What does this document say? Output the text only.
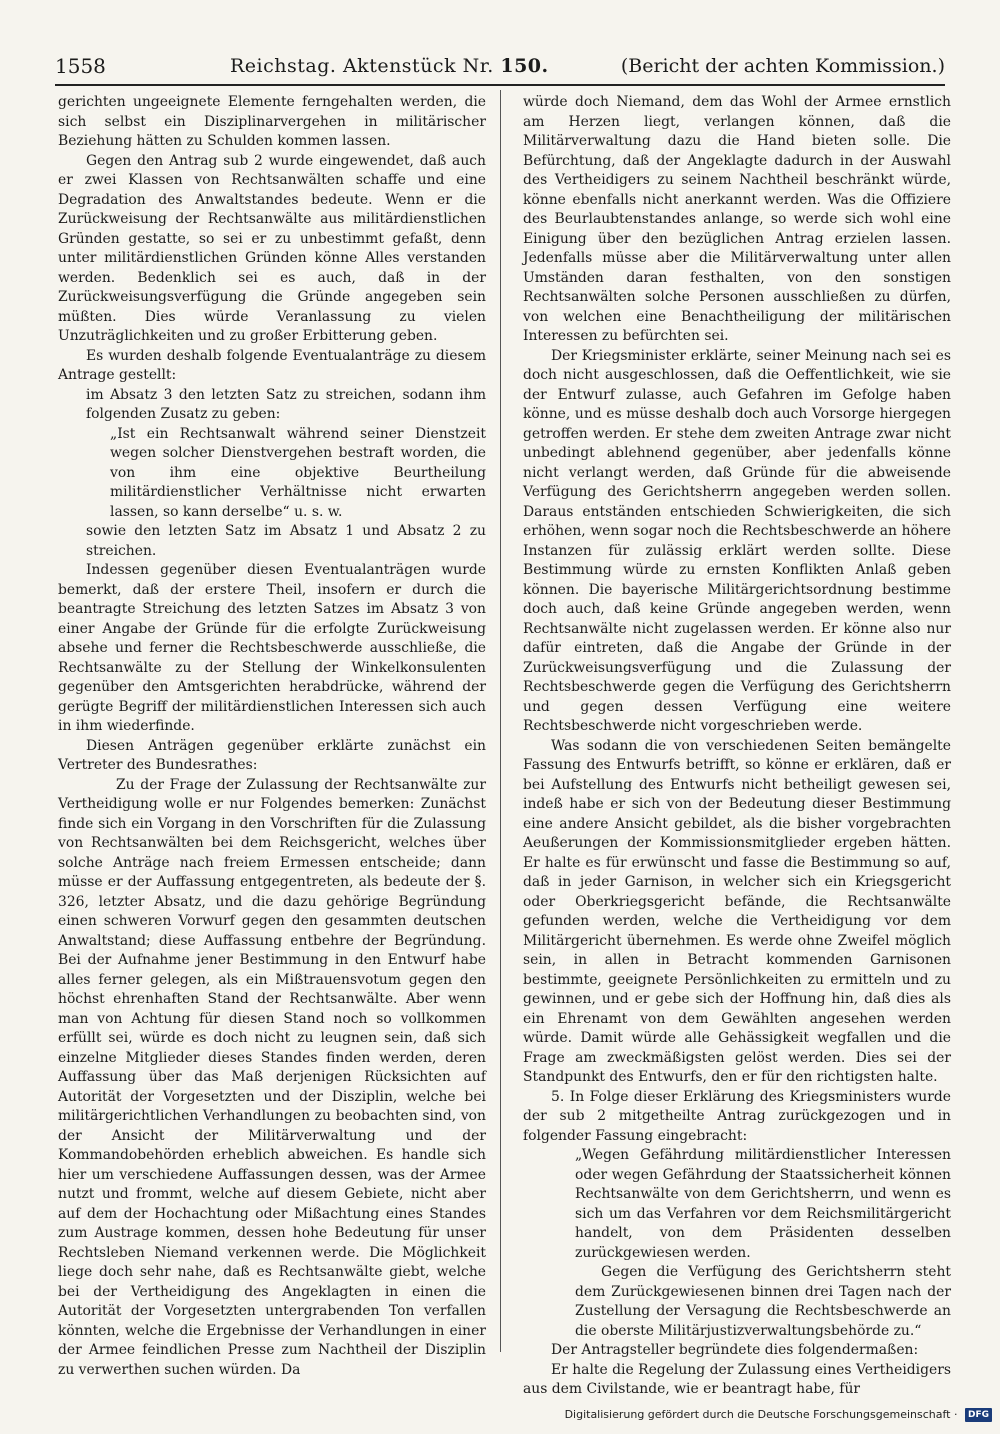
1558	Reichstag. Aktenstück Nr. 150.	(Bericht der achten Kommission.)

gerichten ungeeignete Elemente ferngehalten werden, die sich selbst ein Disziplinarvergehen in militärischer Beziehung hätten zu Schulden kommen lassen.

Gegen den Antrag sub 2 wurde eingewendet, daß auch er zwei Klassen von Rechtsanwälten schaffe und eine Degradation des Anwaltstandes bedeute. Wenn er die Zurückweisung der Rechtsanwälte aus militärdienstlichen Gründen gestatte, so sei er zu unbestimmt gefaßt, denn unter militärdienstlichen Gründen könne Alles verstanden werden. Bedenklich sei es auch, daß in der Zurückweisungsverfügung die Gründe angegeben sein müßten. Dies würde Veranlassung zu vielen Unzuträglichkeiten und zu großer Erbitterung geben.

Es wurden deshalb folgende Eventualanträge zu diesem Antrage gestellt:

im Absatz 3 den letzten Satz zu streichen, sodann ihm folgenden Zusatz zu geben:

„Ist ein Rechtsanwalt während seiner Dienstzeit wegen solcher Dienstvergehen bestraft worden, die von ihm eine objektive Beurtheilung militärdienstlicher Verhältnisse nicht erwarten lassen, so kann derselbe“ u. s. w.

sowie den letzten Satz im Absatz 1 und Absatz 2 zu streichen.

Indessen gegenüber diesen Eventualanträgen wurde bemerkt, daß der erstere Theil, insofern er durch die beantragte Streichung des letzten Satzes im Absatz 3 von einer Angabe der Gründe für die erfolgte Zurückweisung absehe und ferner die Rechtsbeschwerde ausschließe, die Rechtsanwälte zu der Stellung der Winkelkonsulenten gegenüber den Amtsgerichten herabdrücke, während der gerügte Begriff der militärdienstlichen Interessen sich auch in ihm wiederfinde.

Diesen Anträgen gegenüber erklärte zunächst ein Vertreter des Bundesrathes:

Zu der Frage der Zulassung der Rechtsanwälte zur Vertheidigung wolle er nur Folgendes bemerken: Zunächst finde sich ein Vorgang in den Vorschriften für die Zulassung von Rechtsanwälten bei dem Reichsgericht, welches über solche Anträge nach freiem Ermessen entscheide; dann müsse er der Auffassung entgegentreten, als bedeute der §. 326, letzter Absatz, und die dazu gehörige Begründung einen schweren Vorwurf gegen den gesammten deutschen Anwaltstand; diese Auffassung entbehre der Begründung. Bei der Aufnahme jener Bestimmung in den Entwurf habe alles ferner gelegen, als ein Mißtrauensvotum gegen den höchst ehrenhaften Stand der Rechtsanwälte. Aber wenn man von Achtung für diesen Stand noch so vollkommen erfüllt sei, würde es doch nicht zu leugnen sein, daß sich einzelne Mitglieder dieses Standes finden werden, deren Auffassung über das Maß derjenigen Rücksichten auf Autorität der Vorgesetzten und der Disziplin, welche bei militärgerichtlichen Verhandlungen zu beobachten sind, von der Ansicht der Militärverwaltung und der Kommandobehörden erheblich abweichen. Es handle sich hier um verschiedene Auffassungen dessen, was der Armee nutzt und frommt, welche auf diesem Gebiete, nicht aber auf dem der Hochachtung oder Mißachtung eines Standes zum Austrage kommen, dessen hohe Bedeutung für unser Rechtsleben Niemand verkennen werde. Die Möglichkeit liege doch sehr nahe, daß es Rechtsanwälte giebt, welche bei der Vertheidigung des Angeklagten in einen die Autorität der Vorgesetzten untergrabenden Ton verfallen könnten, welche die Ergebnisse der Verhandlungen in einer der Armee feindlichen Presse zum Nachtheil der Disziplin zu verwerthen suchen würden. Da

würde doch Niemand, dem das Wohl der Armee ernstlich am Herzen liegt, verlangen können, daß die Militärverwaltung dazu die Hand bieten solle. Die Befürchtung, daß der Angeklagte dadurch in der Auswahl des Vertheidigers zu seinem Nachtheil beschränkt würde, könne ebenfalls nicht anerkannt werden. Was die Offiziere des Beurlaubtenstandes anlange, so werde sich wohl eine Einigung über den bezüglichen Antrag erzielen lassen. Jedenfalls müsse aber die Militärverwaltung unter allen Umständen daran festhalten, von den sonstigen Rechtsanwälten solche Personen ausschließen zu dürfen, von welchen eine Benachtheiligung der militärischen Interessen zu befürchten sei.

Der Kriegsminister erklärte, seiner Meinung nach sei es doch nicht ausgeschlossen, daß die Oeffentlichkeit, wie sie der Entwurf zulasse, auch Gefahren im Gefolge haben könne, und es müsse deshalb doch auch Vorsorge hiergegen getroffen werden. Er stehe dem zweiten Antrage zwar nicht unbedingt ablehnend gegenüber, aber jedenfalls könne nicht verlangt werden, daß Gründe für die abweisende Verfügung des Gerichtsherrn angegeben werden sollen. Daraus entständen entschieden Schwierigkeiten, die sich erhöhen, wenn sogar noch die Rechtsbeschwerde an höhere Instanzen für zulässig erklärt werden sollte. Diese Bestimmung würde zu ernsten Konflikten Anlaß geben können. Die bayerische Militärgerichtsordnung bestimme doch auch, daß keine Gründe angegeben werden, wenn Rechtsanwälte nicht zugelassen werden. Er könne also nur dafür eintreten, daß die Angabe der Gründe in der Zurückweisungsverfügung und die Zulassung der Rechtsbeschwerde gegen die Verfügung des Gerichtsherrn und gegen dessen Verfügung eine weitere Rechtsbeschwerde nicht vorgeschrieben werde.

Was sodann die von verschiedenen Seiten bemängelte Fassung des Entwurfs betrifft, so könne er erklären, daß er bei Aufstellung des Entwurfs nicht betheiligt gewesen sei, indeß habe er sich von der Bedeutung dieser Bestimmung eine andere Ansicht gebildet, als die bisher vorgebrachten Aeußerungen der Kommissionsmitglieder ergeben hätten. Er halte es für erwünscht und fasse die Bestimmung so auf, daß in jeder Garnison, in welcher sich ein Kriegsgericht oder Oberkriegsgericht befände, die Rechtsanwälte gefunden werden, welche die Vertheidigung vor dem Militärgericht übernehmen. Es werde ohne Zweifel möglich sein, in allen in Betracht kommenden Garnisonen bestimmte, geeignete Persönlichkeiten zu ermitteln und zu gewinnen, und er gebe sich der Hoffnung hin, daß dies als ein Ehrenamt von dem Gewählten angesehen werden würde. Damit würde alle Gehässigkeit wegfallen und die Frage am zweckmäßigsten gelöst werden. Dies sei der Standpunkt des Entwurfs, den er für den richtigsten halte.

5. In Folge dieser Erklärung des Kriegsministers wurde der sub 2 mitgetheilte Antrag zurückgezogen und in folgender Fassung eingebracht:

„Wegen Gefährdung militärdienstlicher Interessen oder wegen Gefährdung der Staatssicherheit können Rechtsanwälte von dem Gerichtsherrn, und wenn es sich um das Verfahren vor dem Reichsmilitärgericht handelt, von dem Präsidenten desselben zurückgewiesen werden.

Gegen die Verfügung des Gerichtsherrn steht dem Zurückgewiesenen binnen drei Tagen nach der Zustellung der Versagung die Rechtsbeschwerde an die oberste Militärjustizverwaltungsbehörde zu.“

Der Antragsteller begründete dies folgendermaßen:

Er halte die Regelung der Zulassung eines Vertheidigers aus dem Civilstande, wie er beantragt habe, für

Digitalisierung gefördert durch die Deutsche Forschungsgemeinschaft · DFG
